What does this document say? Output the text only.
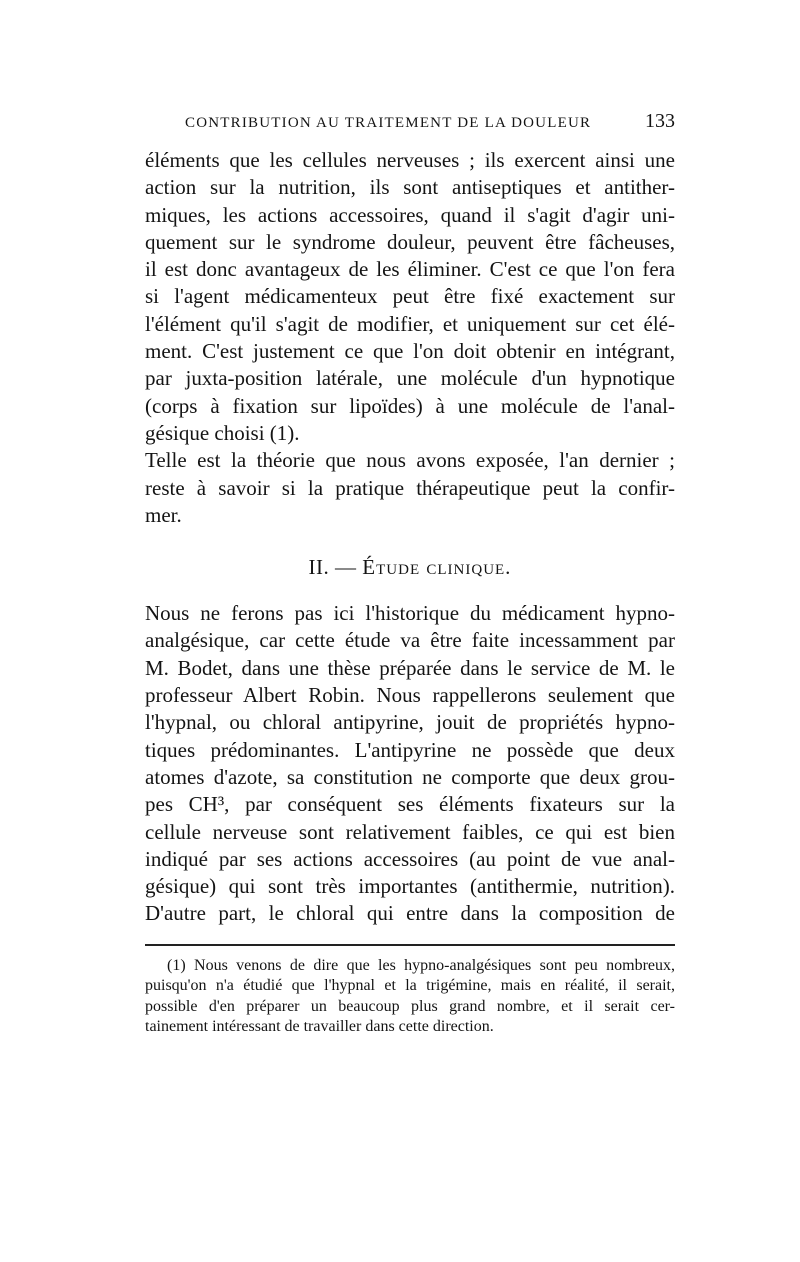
CONTRIBUTION AU TRAITEMENT DE LA DOULEUR	133

éléments que les cellules nerveuses ; ils exercent ainsi une
action sur la nutrition, ils sont antiseptiques et antither-
miques, les actions accessoires, quand il s'agit d'agir uni-
quement sur le syndrome douleur, peuvent être fâcheuses,
il est donc avantageux de les éliminer. C'est ce que l'on fera
si l'agent médicamenteux peut être fixé exactement sur
l'élément qu'il s'agit de modifier, et uniquement sur cet élé-
ment. C'est justement ce que l'on doit obtenir en intégrant,
par juxta-position latérale, une molécule d'un hypnotique
(corps à fixation sur lipoïdes) à une molécule de l'anal-
gésique choisi (1).

Telle est la théorie que nous avons exposée, l'an dernier ;
reste à savoir si la pratique thérapeutique peut la confir-
mer.

II. — Étude clinique.

Nous ne ferons pas ici l'historique du médicament hypno-
analgésique, car cette étude va être faite incessamment par
M. Bodet, dans une thèse préparée dans le service de M. le
professeur Albert Robin. Nous rappellerons seulement que
l'hypnal, ou chloral antipyrine, jouit de propriétés hypno-
tiques prédominantes. L'antipyrine ne possède que deux
atomes d'azote, sa constitution ne comporte que deux grou-
pes CH³, par conséquent ses éléments fixateurs sur la
cellule nerveuse sont relativement faibles, ce qui est bien
indiqué par ses actions accessoires (au point de vue anal-
gésique) qui sont très importantes (antithermie, nutrition).
D'autre part, le chloral qui entre dans la composition de

(1) Nous venons de dire que les hypno-analgésiques sont peu nombreux,
puisqu'on n'a étudié que l'hypnal et la trigémine, mais en réalité, il serait,
possible d'en préparer un beaucoup plus grand nombre, et il serait cer-
tainement intéressant de travailler dans cette direction.
